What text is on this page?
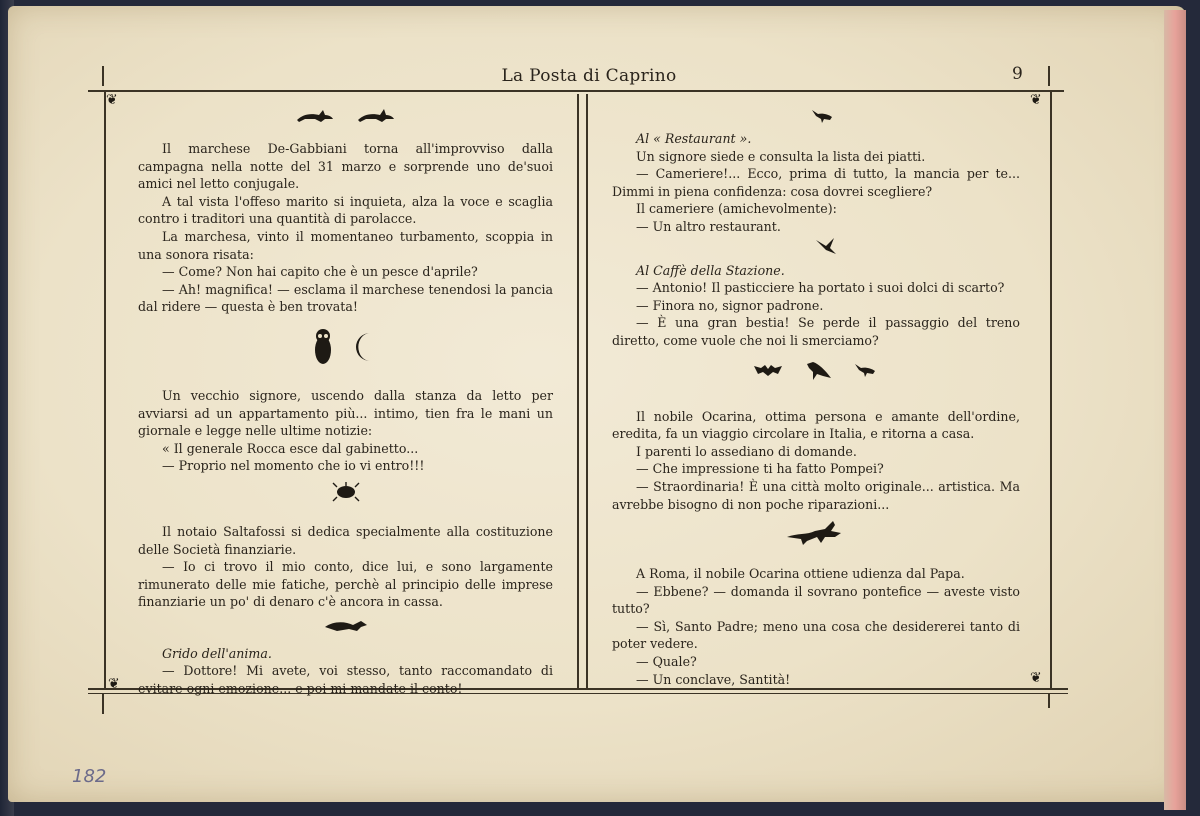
La Posta di Caprino	9
❦	❦
❦	❦

Il marchese De-Gabbiani torna all'improvviso dalla campagna nella notte del 31 marzo e sorprende uno de'suoi amici nel letto conjugale.

A tal vista l'offeso marito si inquieta, alza la voce e scaglia contro i traditori una quantità di parolacce.

La marchesa, vinto il momentaneo turbamento, scoppia in una sonora risata:

— Come? Non hai capito che è un pesce d'aprile?

— Ah! magnifica! — esclama il marchese tenendosi la pancia dal ridere — questa è ben trovata!

Un vecchio signore, uscendo dalla stanza da letto per avviarsi ad un appartamento più... intimo, tien fra le mani un giornale e legge nelle ultime notizie:

« Il generale Rocca esce dal gabinetto...

— Proprio nel momento che io vi entro!!!

Il notaio Saltafossi si dedica specialmente alla costituzione delle Società finanziarie.

— Io ci trovo il mio conto, dice lui, e sono largamente rimunerato delle mie fatiche, perchè al principio delle imprese finanziarie un po' di denaro c'è ancora in cassa.

Grido dell'anima.

— Dottore! Mi avete, voi stesso, tanto raccomandato di evitare ogni emozione... e poi mi mandate il conto!

Al « Restaurant ».

Un signore siede e consulta la lista dei piatti.

— Cameriere!... Ecco, prima di tutto, la mancia per te... Dimmi in piena confidenza: cosa dovrei scegliere?

Il cameriere (amichevolmente):

— Un altro restaurant.

Al Caffè della Stazione.

— Antonio! Il pasticciere ha portato i suoi dolci di scarto?

— Finora no, signor padrone.

— È una gran bestia! Se perde il passaggio del treno diretto, come vuole che noi li smerciamo?

Il nobile Ocarina, ottima persona e amante dell'ordine, eredita, fa un viaggio circolare in Italia, e ritorna a casa.

I parenti lo assediano di domande.

— Che impressione ti ha fatto Pompei?

— Straordinaria! È una città molto originale... artistica. Ma avrebbe bisogno di non poche riparazioni...

A Roma, il nobile Ocarina ottiene udienza dal Papa.

— Ebbene? — domanda il sovrano pontefice — aveste visto tutto?

— Sì, Santo Padre; meno una cosa che desidererei tanto di poter vedere.

— Quale?

— Un conclave, Santità!

182
